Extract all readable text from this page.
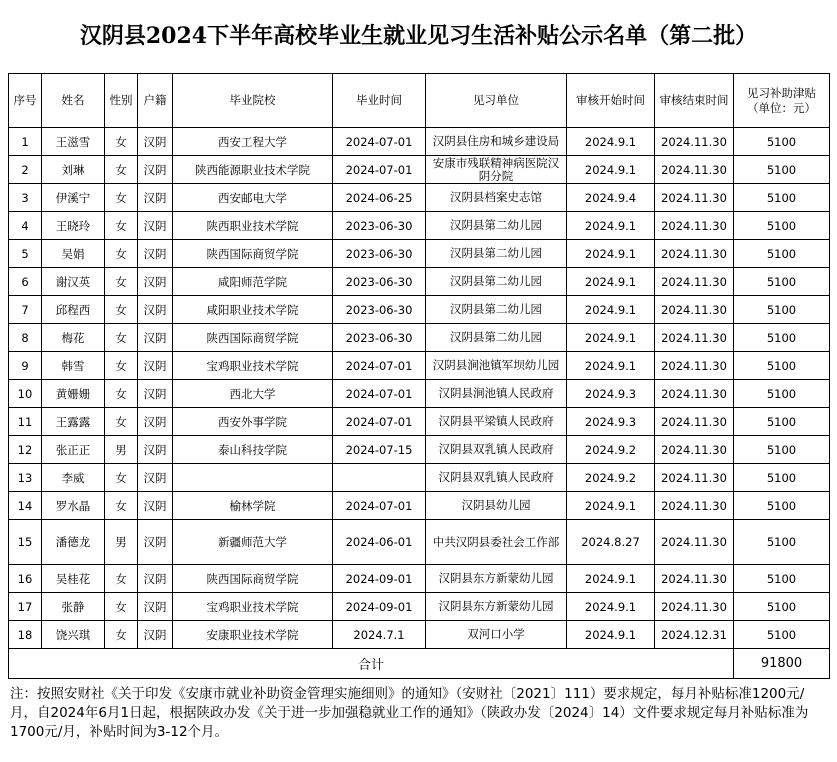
汉阴县2024下半年高校毕业生就业见习生活补贴公示名单（第二批）
序号	姓名	性别	户籍	毕业院校	毕业时间	见习单位	审核开始时间	审核结束时间	见习补助津贴（单位：元）
1	王滋雪	女	汉阴	西安工程大学	2024-07-01	汉阴县住房和城乡建设局	2024.9.1	2024.11.30	5100
2	刘琳	女	汉阴	陕西能源职业技术学院	2024-07-01	安康市残联精神病医院汉阴分院	2024.9.1	2024.11.30	5100
3	伊溪宁	女	汉阴	西安邮电大学	2024-06-25	汉阴县档案史志馆	2024.9.4	2024.11.30	5100
4	王晓玲	女	汉阴	陕西职业技术学院	2023-06-30	汉阴县第二幼儿园	2024.9.1	2024.11.30	5100
5	吴娟	女	汉阴	陕西国际商贸学院	2023-06-30	汉阴县第二幼儿园	2024.9.1	2024.11.30	5100
6	谢汉英	女	汉阴	咸阳师范学院	2023-06-30	汉阴县第二幼儿园	2024.9.1	2024.11.30	5100
7	邱程西	女	汉阴	咸阳职业技术学院	2023-06-30	汉阴县第二幼儿园	2024.9.1	2024.11.30	5100
8	梅花	女	汉阴	陕西国际商贸学院	2023-06-30	汉阴县第二幼儿园	2024.9.1	2024.11.30	5100
9	韩雪	女	汉阴	宝鸡职业技术学院	2024-07-01	汉阴县涧池镇军坝幼儿园	2024.9.1	2024.11.30	5100
10	黄姗姗	女	汉阴	西北大学	2024-07-01	汉阴县涧池镇人民政府	2024.9.3	2024.11.30	5100
11	王露露	女	汉阴	西安外事学院	2024-07-01	汉阴县平梁镇人民政府	2024.9.3	2024.11.30	5100
12	张正正	男	汉阴	泰山科技学院	2024-07-15	汉阴县双乳镇人民政府	2024.9.2	2024.11.30	5100
13	李威	女	汉阴			汉阴县双乳镇人民政府	2024.9.2	2024.11.30	5100
14	罗水晶	女	汉阴	榆林学院	2024-07-01	汉阴县幼儿园	2024.9.1	2024.11.30	5100
15	潘德龙	男	汉阴	新疆师范大学	2024-06-01	中共汉阴县委社会工作部	2024.8.27	2024.11.30	5100
16	吴桂花	女	汉阴	陕西国际商贸学院	2024-09-01	汉阴县东方新蒙幼儿园	2024.9.1	2024.11.30	5100
17	张静	女	汉阴	宝鸡职业技术学院	2024-09-01	汉阴县东方新蒙幼儿园	2024.9.1	2024.11.30	5100
18	饶兴琪	女	汉阴	安康职业技术学院	2024.7.1	双河口小学	2024.9.1	2024.12.31	5100
合计									91800
注：按照安财社《关于印发《安康市就业补助资金管理实施细则》的通知》（安财社〔2021〕111）要求规定，每月补贴标准1200元/月，自2024年6月1日起，根据陕政办发《关于进一步加强稳就业工作的通知》（陕政办发〔2024〕14）文件要求规定每月补贴标准为1700元/月，补贴时间为3-12个月。
